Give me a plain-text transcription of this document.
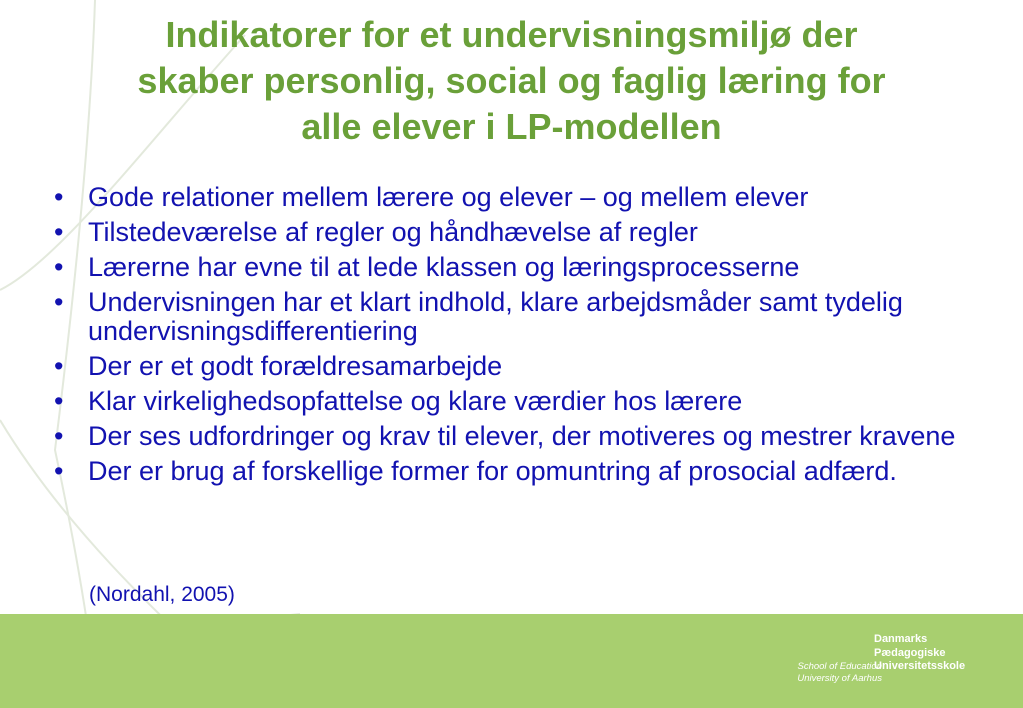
Indikatorer for et undervisningsmiljø der
skaber personlig, social og faglig læring for
alle elever i LP-modellen
• Gode relationer mellem lærere og elever – og mellem elever
• Tilstedeværelse af regler og håndhævelse af regler
• Lærerne har evne til at lede klassen og læringsprocesserne
• Undervisningen har et klart indhold, klare arbejdsmåder samt tydelig undervisningsdifferentiering
• Der er et godt forældresamarbejde
• Klar virkelighedsopfattelse og klare værdier hos lærere
• Der ses udfordringer og krav til elever, der motiveres og mestrer kravene
• Der er brug af forskellige former for opmuntring af prosocial adfærd.

(Nordahl, 2005)

School of Education
University of Aarhus
Danmarks
Pædagogiske
Universitetsskole
